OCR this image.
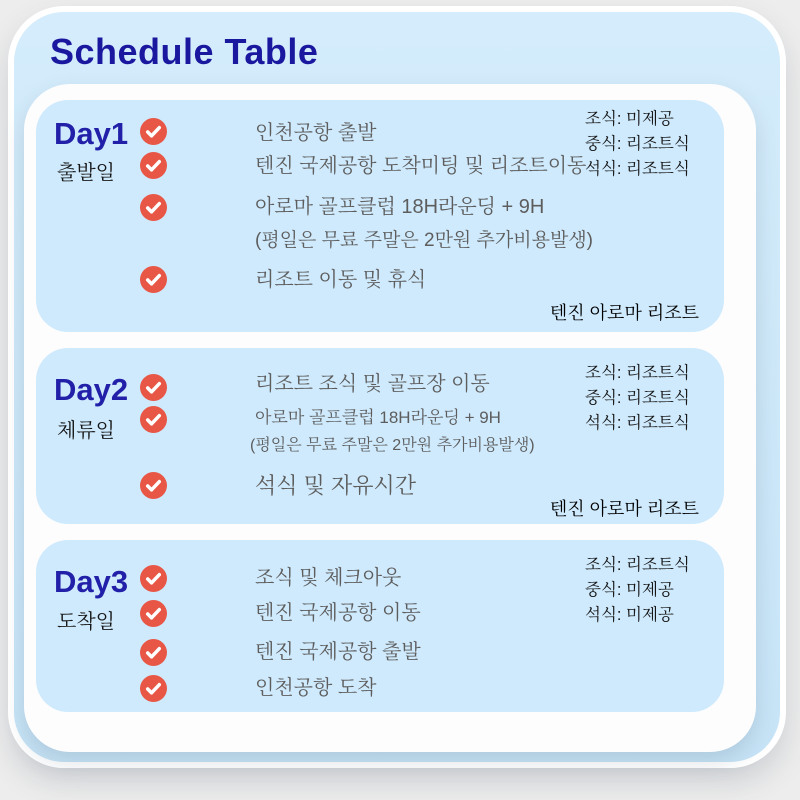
Schedule Table
Day1
출발일
인천공항 출발
텐진 국제공항 도착미팅 및 리조트이동
아로마 골프클럽 18H라운딩 + 9H
(평일은 무료 주말은 2만원 추가비용발생)
리조트 이동 및 휴식
조식: 미제공
중식: 리조트식
석식: 리조트식
텐진 아로마 리조트
Day2
체류일
리조트 조식 및 골프장 이동
아로마 골프클럽 18H라운딩 + 9H
(평일은 무료 주말은 2만원 추가비용발생)
석식 및 자유시간
조식: 리조트식
중식: 리조트식
석식: 리조트식
텐진 아로마 리조트
Day3
도착일
조식 및 체크아웃
텐진 국제공항 이동
텐진 국제공항 출발
인천공항 도착
조식: 리조트식
중식: 미제공
석식: 미제공
